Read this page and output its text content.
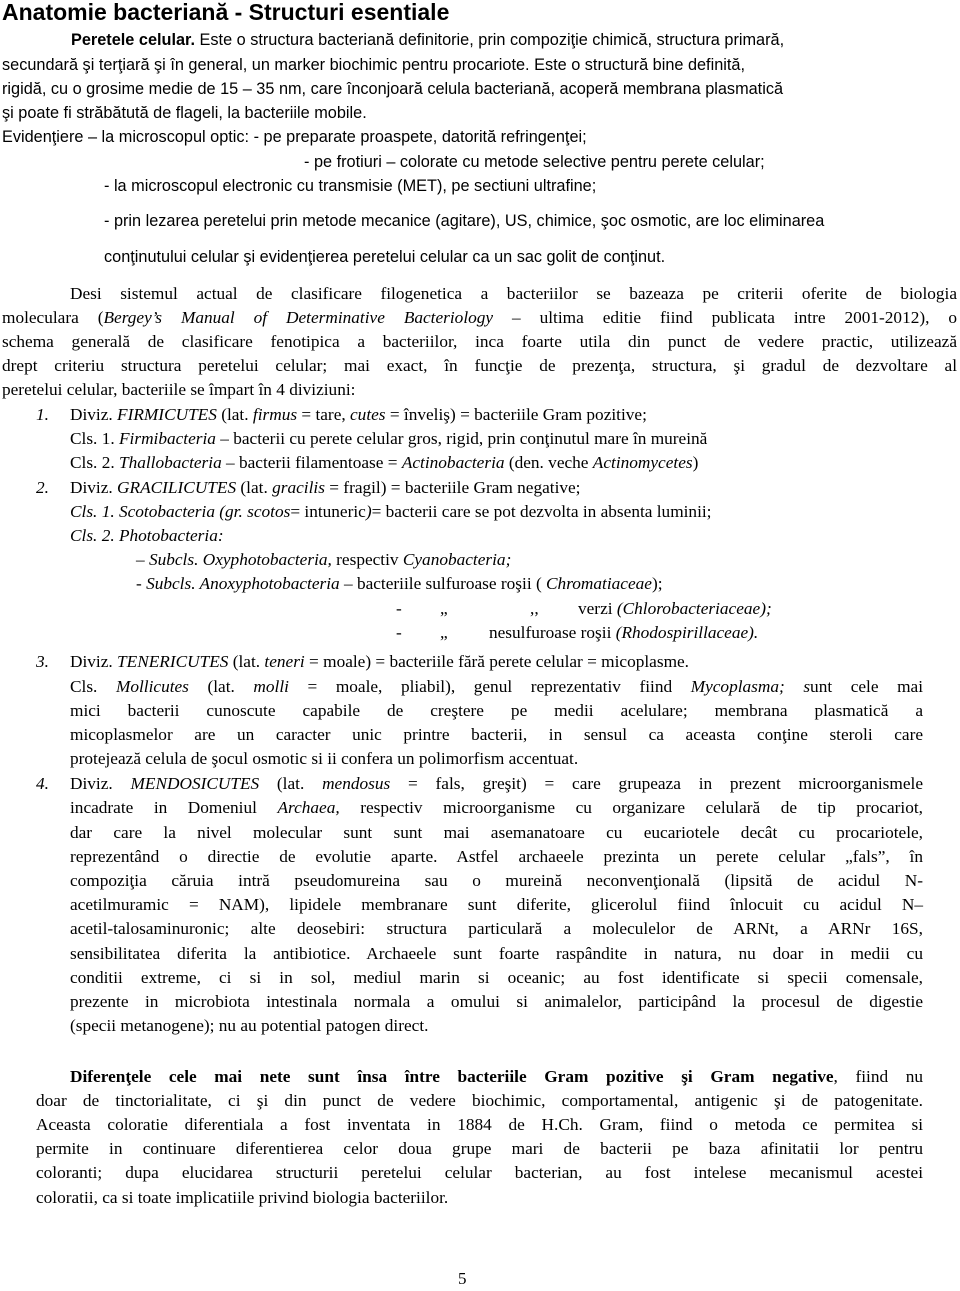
Anatomie bacteriană - Structuri esentiale
Peretele celular. Este o structura bacteriană definitorie, prin compoziţie chimică, structura primară,
secundară şi terţiară şi în general, un marker biochimic pentru procariote. Este o structură bine definită,
rigidă, cu o grosime medie de 15 – 35 nm, care înconjoară celula bacteriană, acoperă membrana plasmatică
şi poate fi străbătută de flageli, la bacteriile mobile.
Evidenţiere – la microscopul optic: - pe preparate proaspete, datorită refringenţei;
- pe frotiuri – colorate cu metode selective pentru perete celular;
- la microscopul electronic cu transmisie (MET), pe sectiuni ultrafine;
- prin lezarea peretelui prin metode mecanice (agitare), US, chimice, şoc osmotic, are loc eliminarea
conţinutului celular şi evidenţierea peretelui celular ca un sac golit de conţinut.
Desi sistemul actual de clasificare filogenetica a bacteriilor se bazeaza pe criterii oferite de biologia
moleculara (Bergey’s Manual of Determinative Bacteriology – ultima editie fiind publicata intre 2001-2012), o
schema generală de clasificare fenotipica a bacteriilor, inca foarte utila din punct de vedere practic, utilizează
drept criteriu structura peretelui celular; mai exact, în funcţie de prezenţa, structura, şi gradul de dezvoltare al
peretelui celular, bacteriile se împart în 4 diviziuni:
1. Diviz. FIRMICUTES (lat. firmus = tare, cutes = înveliş) = bacteriile Gram pozitive;
Cls. 1. Firmibacteria – bacterii cu perete celular gros, rigid, prin conţinutul mare în mureină
Cls. 2. Thallobacteria – bacterii filamentoase = Actinobacteria (den. veche Actinomycetes)
2. Diviz. GRACILICUTES (lat. gracilis = fragil) = bacteriile Gram negative;
Cls. 1. Scotobacteria (gr. scotos= intuneric)= bacterii care se pot dezvolta in absenta luminii;
Cls. 2. Photobacteria:
– Subcls. Oxyphotobacteria, respectiv Cyanobacteria;
- Subcls. Anoxyphotobacteria – bacteriile sulfuroase roşii ( Chromatiaceae);
- „	,, verzi (Chlorobacteriaceae);
- „ nesulfuroase roşii (Rhodospirillaceae).
3. Diviz. TENERICUTES (lat. teneri = moale) = bacteriile fără perete celular = micoplasme.
Cls. Mollicutes (lat. molli = moale, pliabil), genul reprezentativ fiind Mycoplasma; sunt cele mai
mici bacterii cunoscute capabile de creştere pe medii acelulare; membrana plasmatică a
micoplasmelor are un caracter unic printre bacterii, in sensul ca aceasta conţine steroli care
protejează celula de şocul osmotic si ii confera un polimorfism accentuat.
4. Diviz. MENDOSICUTES (lat. mendosus = fals, greşit) = care grupeaza in prezent microorganismele
incadrate in Domeniul Archaea, respectiv microorganisme cu organizare celulară de tip procariot,
dar care la nivel molecular sunt sunt mai asemanatoare cu eucariotele decât cu procariotele,
reprezentând o directie de evolutie aparte. Astfel archaeele prezinta un perete celular „fals”, în
compoziţia căruia intră pseudomureina sau o mureină neconvenţională (lipsită de acidul N-
acetilmuramic = NAM), lipidele membranare sunt diferite, glicerolul fiind înlocuit cu acidul N–
acetil-talosaminuronic; alte deosebiri: structura particulară a moleculelor de ARNt, a ARNr 16S,
sensibilitatea diferita la antibiotice. Archaeele sunt foarte raspândite in natura, nu doar in medii cu
conditii extreme, ci si in sol, mediul marin si oceanic; au fost identificate si specii comensale,
prezente in microbiota intestinala normala a omului si animalelor, participând la procesul de digestie
(specii metanogene); nu au potential patogen direct.
Diferenţele cele mai nete sunt însa între bacteriile Gram pozitive şi Gram negative, fiind nu
doar de tinctorialitate, ci şi din punct de vedere biochimic, comportamental, antigenic şi de patogenitate.
Aceasta coloratie diferentiala a fost inventata in 1884 de H.Ch. Gram, fiind o metoda ce permitea si
permite in continuare diferentierea celor doua grupe mari de bacterii pe baza afinitatii lor pentru
coloranti; dupa elucidarea structurii peretelui celular bacterian, au fost intelese mecanismul acestei
coloratii, ca si toate implicatiile privind biologia bacteriilor.
5
